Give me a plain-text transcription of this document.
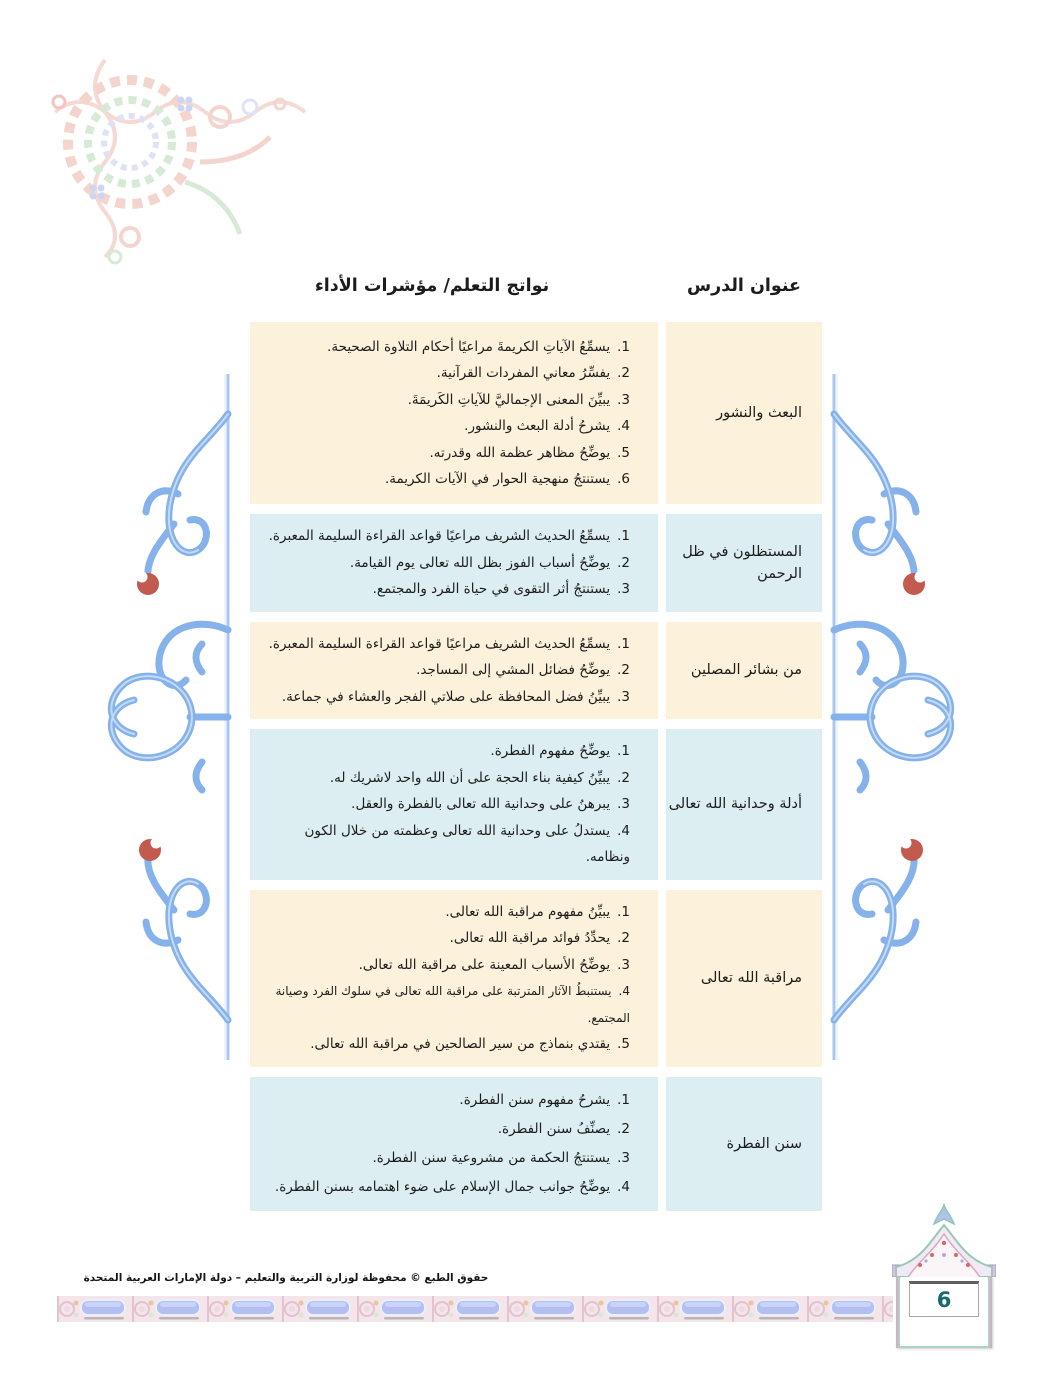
نواتج التعلم/ مؤشرات الأداء	عنوان الدرس
يسمِّعُ الآياتِ الكريمةَ مراعيًا أحكام التلاوة الصحيحة.
يفسِّرُ معاني المفردات القرآنية.
يبيِّنَ المعنى الإجماليَّ للآياتِ الكَريمَةَ.
يشرحُ أدلة البعث والنشور.
يوضِّحُ مظاهر عظمة الله وقدرته.
يستنتجُ منهجية الحوار في الآيات الكريمة.
البعث والنشور
يسمِّعُ الحديث الشريف مراعيًا قواعد القراءة السليمة المعبرة.
يوضِّحُ أسباب الفوز بظل الله تعالى يوم القيامة.
يستنتجُ أثر التقوى في حياة الفرد والمجتمع.
المستظلون في ظل الرحمن
يسمِّعُ الحديث الشريف مراعيًا قواعد القراءة السليمة المعبرة.
يوضِّحُ فضائل المشي إلى المساجد.
يبيِّنُ فضل المحافظة على صلاتي الفجر والعشاء في جماعة.
من بشائر المصلين
يوضِّحُ مفهوم الفطرة.
يبيِّنُ كيفية بناء الحجة على أن الله واحد لاشريك له.
يبرهنُ على وحدانية الله تعالى بالفطرة والعقل.
يستدلُ على وحدانية الله تعالى وعظمته من خلال الكون ونظامه.
أدلة وحدانية الله تعالى
يبيِّنُ مفهوم مراقبة الله تعالى.
يحدِّدُ فوائد مراقبة الله تعالى.
يوضِّحُ الأسباب المعينة على مراقبة الله تعالى.
يستنبطُ الآثار المترتبة على مراقبة الله تعالى في سلوك الفرد وصيانة المجتمع.
يقتدي بنماذج من سير الصالحين في مراقبة الله تعالى.
مراقبة الله تعالى
يشرحُ مفهوم سنن الفطرة.
يصنِّفُ سنن الفطرة.
يستنتجُ الحكمة من مشروعية سنن الفطرة.
يوضِّحُ جوانب جمال الإسلام على ضوء اهتمامه بسنن الفطرة.
سنن الفطرة
حقوق الطبع © محفوظة لوزارة التربية والتعليم – دولة الإمارات العربية المتحدة
6
